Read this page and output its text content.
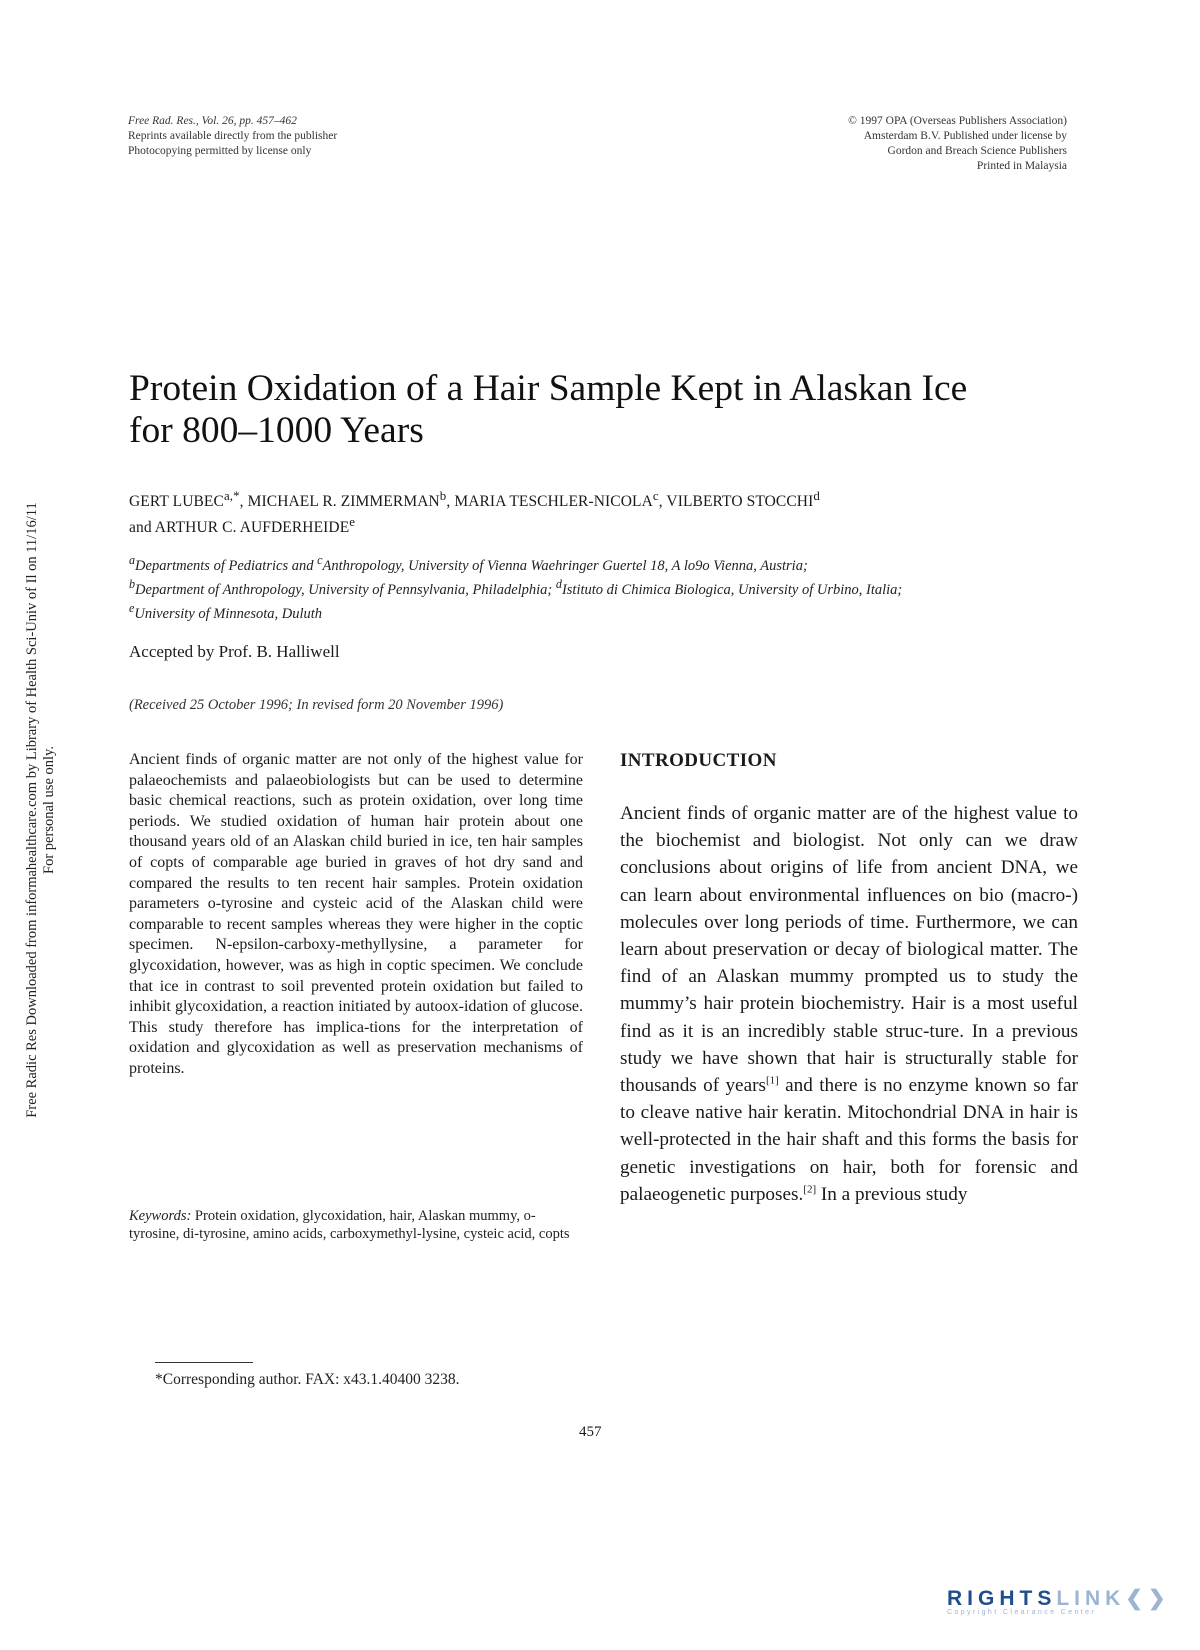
Free Rad. Res., Vol. 26, pp. 457–462
Reprints available directly from the publisher
Photocopying permitted by license only
© 1997 OPA (Overseas Publishers Association)
Amsterdam B.V. Published under license by
Gordon and Breach Science Publishers
Printed in Malaysia
Free Radic Res Downloaded from informahealthcare.com by Library of Health Sci-Univ of Il on 11/16/11 For personal use only.
Protein Oxidation of a Hair Sample Kept in Alaskan Ice
for 800–1000 Years
GERT $LUBEC^{a,*}$, MICHAEL R. ZIMMERMAN$^b$, MARIA TESCHLER-NICOLA$^c$, VILBERTO STOCCHI$^d$
and ARTHUR C. AUFDERHEIDE$^e$
$^a$Departments of Pediatrics and $^c$Anthropology, University of Vienna Waehringer Guertel 18, A lo9o Vienna, Austria;
$^b$Department of Anthropology, University of Pennsylvania, Philadelphia; $^d$Istituto di Chimica Biologica, University of Urbino, Italia;
$^e$University of Minnesota, Duluth
Accepted by Prof. B. Halliwell
(Received 25 October 1996; In revised form 20 November 1996)
Ancient finds of organic matter are not only of the highest value for palaeochemists and palaeobiologists but can be used to determine basic chemical reactions, such as protein oxidation, over long time periods. We studied oxidation of human hair protein about one thousand years old of an Alaskan child buried in ice, ten hair samples of copts of comparable age buried in graves of hot dry sand and compared the results to ten recent hair samples. Protein oxidation parameters o-tyrosine and cysteic acid of the Alaskan child were comparable to recent samples whereas they were higher in the coptic specimen. N-epsilon-carboxy-methyllysine, a parameter for glycoxidation, however, was as high in coptic specimen. We conclude that ice in contrast to soil prevented protein oxidation but failed to inhibit glycoxidation, a reaction initiated by autoox-idation of glucose. This study therefore has implica-tions for the interpretation of oxidation and glycoxidation as well as preservation mechanisms of proteins.
Keywords: Protein oxidation, glycoxidation, hair, Alaskan mummy, o-tyrosine, di-tyrosine, amino acids, carboxymethyl-lysine, cysteic acid, copts
INTRODUCTION
Ancient finds of organic matter are of the highest value to the biochemist and biologist. Not only can we draw conclusions about origins of life from ancient DNA, we can learn about environmental influences on bio (macro-) molecules over long periods of time. Furthermore, we can learn about preservation or decay of biological matter. The find of an Alaskan mummy prompted us to study the mummy’s hair protein biochemistry. Hair is a most useful find as it is an incredibly stable struc-ture. In a previous study we have shown that hair is structurally stable for thousands of years[1] and there is no enzyme known so far to cleave native hair keratin. Mitochondrial DNA in hair is well-protected in the hair shaft and this forms the basis for genetic investigations on hair, both for forensic and palaeogenetic purposes.[2] In a previous study
*Corresponding author. FAX: x43.1.40400 3238.
457
RIGHTSLINK❮❯
Copyright Clearance Center
